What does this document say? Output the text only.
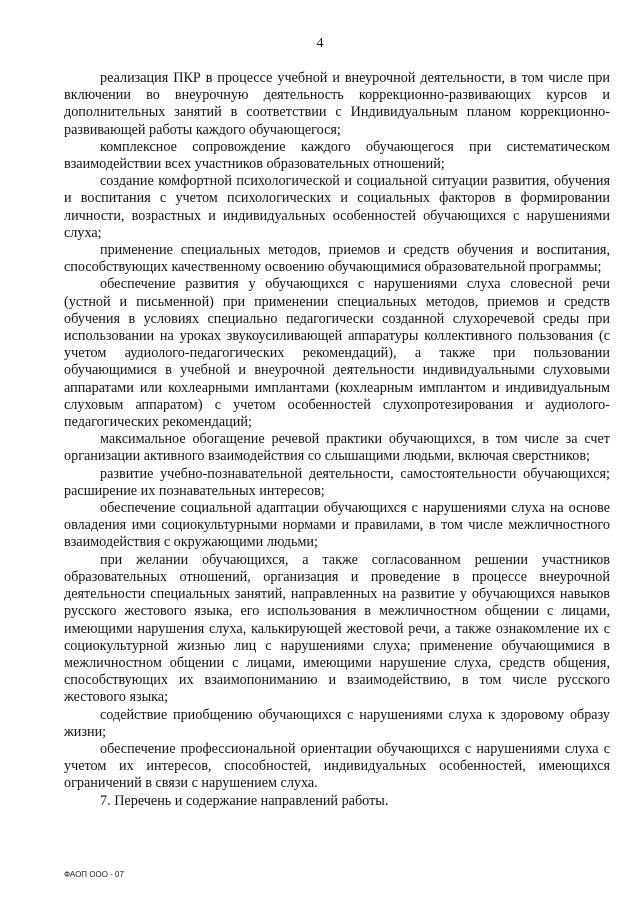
4

реализация ПКР в процессе учебной и внеурочной деятельности, в том числе при включении во внеурочную деятельность коррекционно-развивающих курсов и дополнительных занятий в соответствии с Индивидуальным планом коррекционно-развивающей работы каждого обучающегося;

комплексное сопровождение каждого обучающегося при систематическом взаимодействии всех участников образовательных отношений;

создание комфортной психологической и социальной ситуации развития, обучения и воспитания с учетом психологических и социальных факторов в формировании личности, возрастных и индивидуальных особенностей обучающихся с нарушениями слуха;

применение специальных методов, приемов и средств обучения и воспитания, способствующих качественному освоению обучающимися образовательной программы;

обеспечение развития у обучающихся с нарушениями слуха словесной речи (устной и письменной) при применении специальных методов, приемов и средств обучения в условиях специально педагогически созданной слухоречевой среды при использовании на уроках звукоусиливающей аппаратуры коллективного пользования (с учетом аудиолого-педагогических рекомендаций), а также при пользовании обучающимися в учебной и внеурочной деятельности индивидуальными слуховыми аппаратами или кохлеарными имплантами (кохлеарным имплантом и индивидуальным слуховым аппаратом) с учетом особенностей слухопротезирования и аудиолого-педагогических рекомендаций;

максимальное обогащение речевой практики обучающихся, в том числе за счет организации активного взаимодействия со слышащими людьми, включая сверстников;

развитие учебно-познавательной деятельности, самостоятельности обучающихся; расширение их познавательных интересов;

обеспечение социальной адаптации обучающихся с нарушениями слуха на основе овладения ими социокультурными нормами и правилами, в том числе межличностного взаимодействия с окружающими людьми;

при желании обучающихся, а также согласованном решении участников образовательных отношений, организация и проведение в процессе внеурочной деятельности специальных занятий, направленных на развитие у обучающихся навыков русского жестового языка, его использования в межличностном общении с лицами, имеющими нарушения слуха, калькирующей жестовой речи, а также ознакомление их с социокультурной жизнью лиц с нарушениями слуха; применение обучающимися в межличностном общении с лицами, имеющими нарушение слуха, средств общения, способствующих их взаимопониманию и взаимодействию, в том числе русского жестового языка;

содействие приобщению обучающихся с нарушениями слуха к здоровому образу жизни;

обеспечение профессиональной ориентации обучающихся с нарушениями слуха с учетом их интересов, способностей, индивидуальных особенностей, имеющихся ограничений в связи с нарушением слуха.

7. Перечень и содержание направлений работы.

ФАОП ООО - 07
